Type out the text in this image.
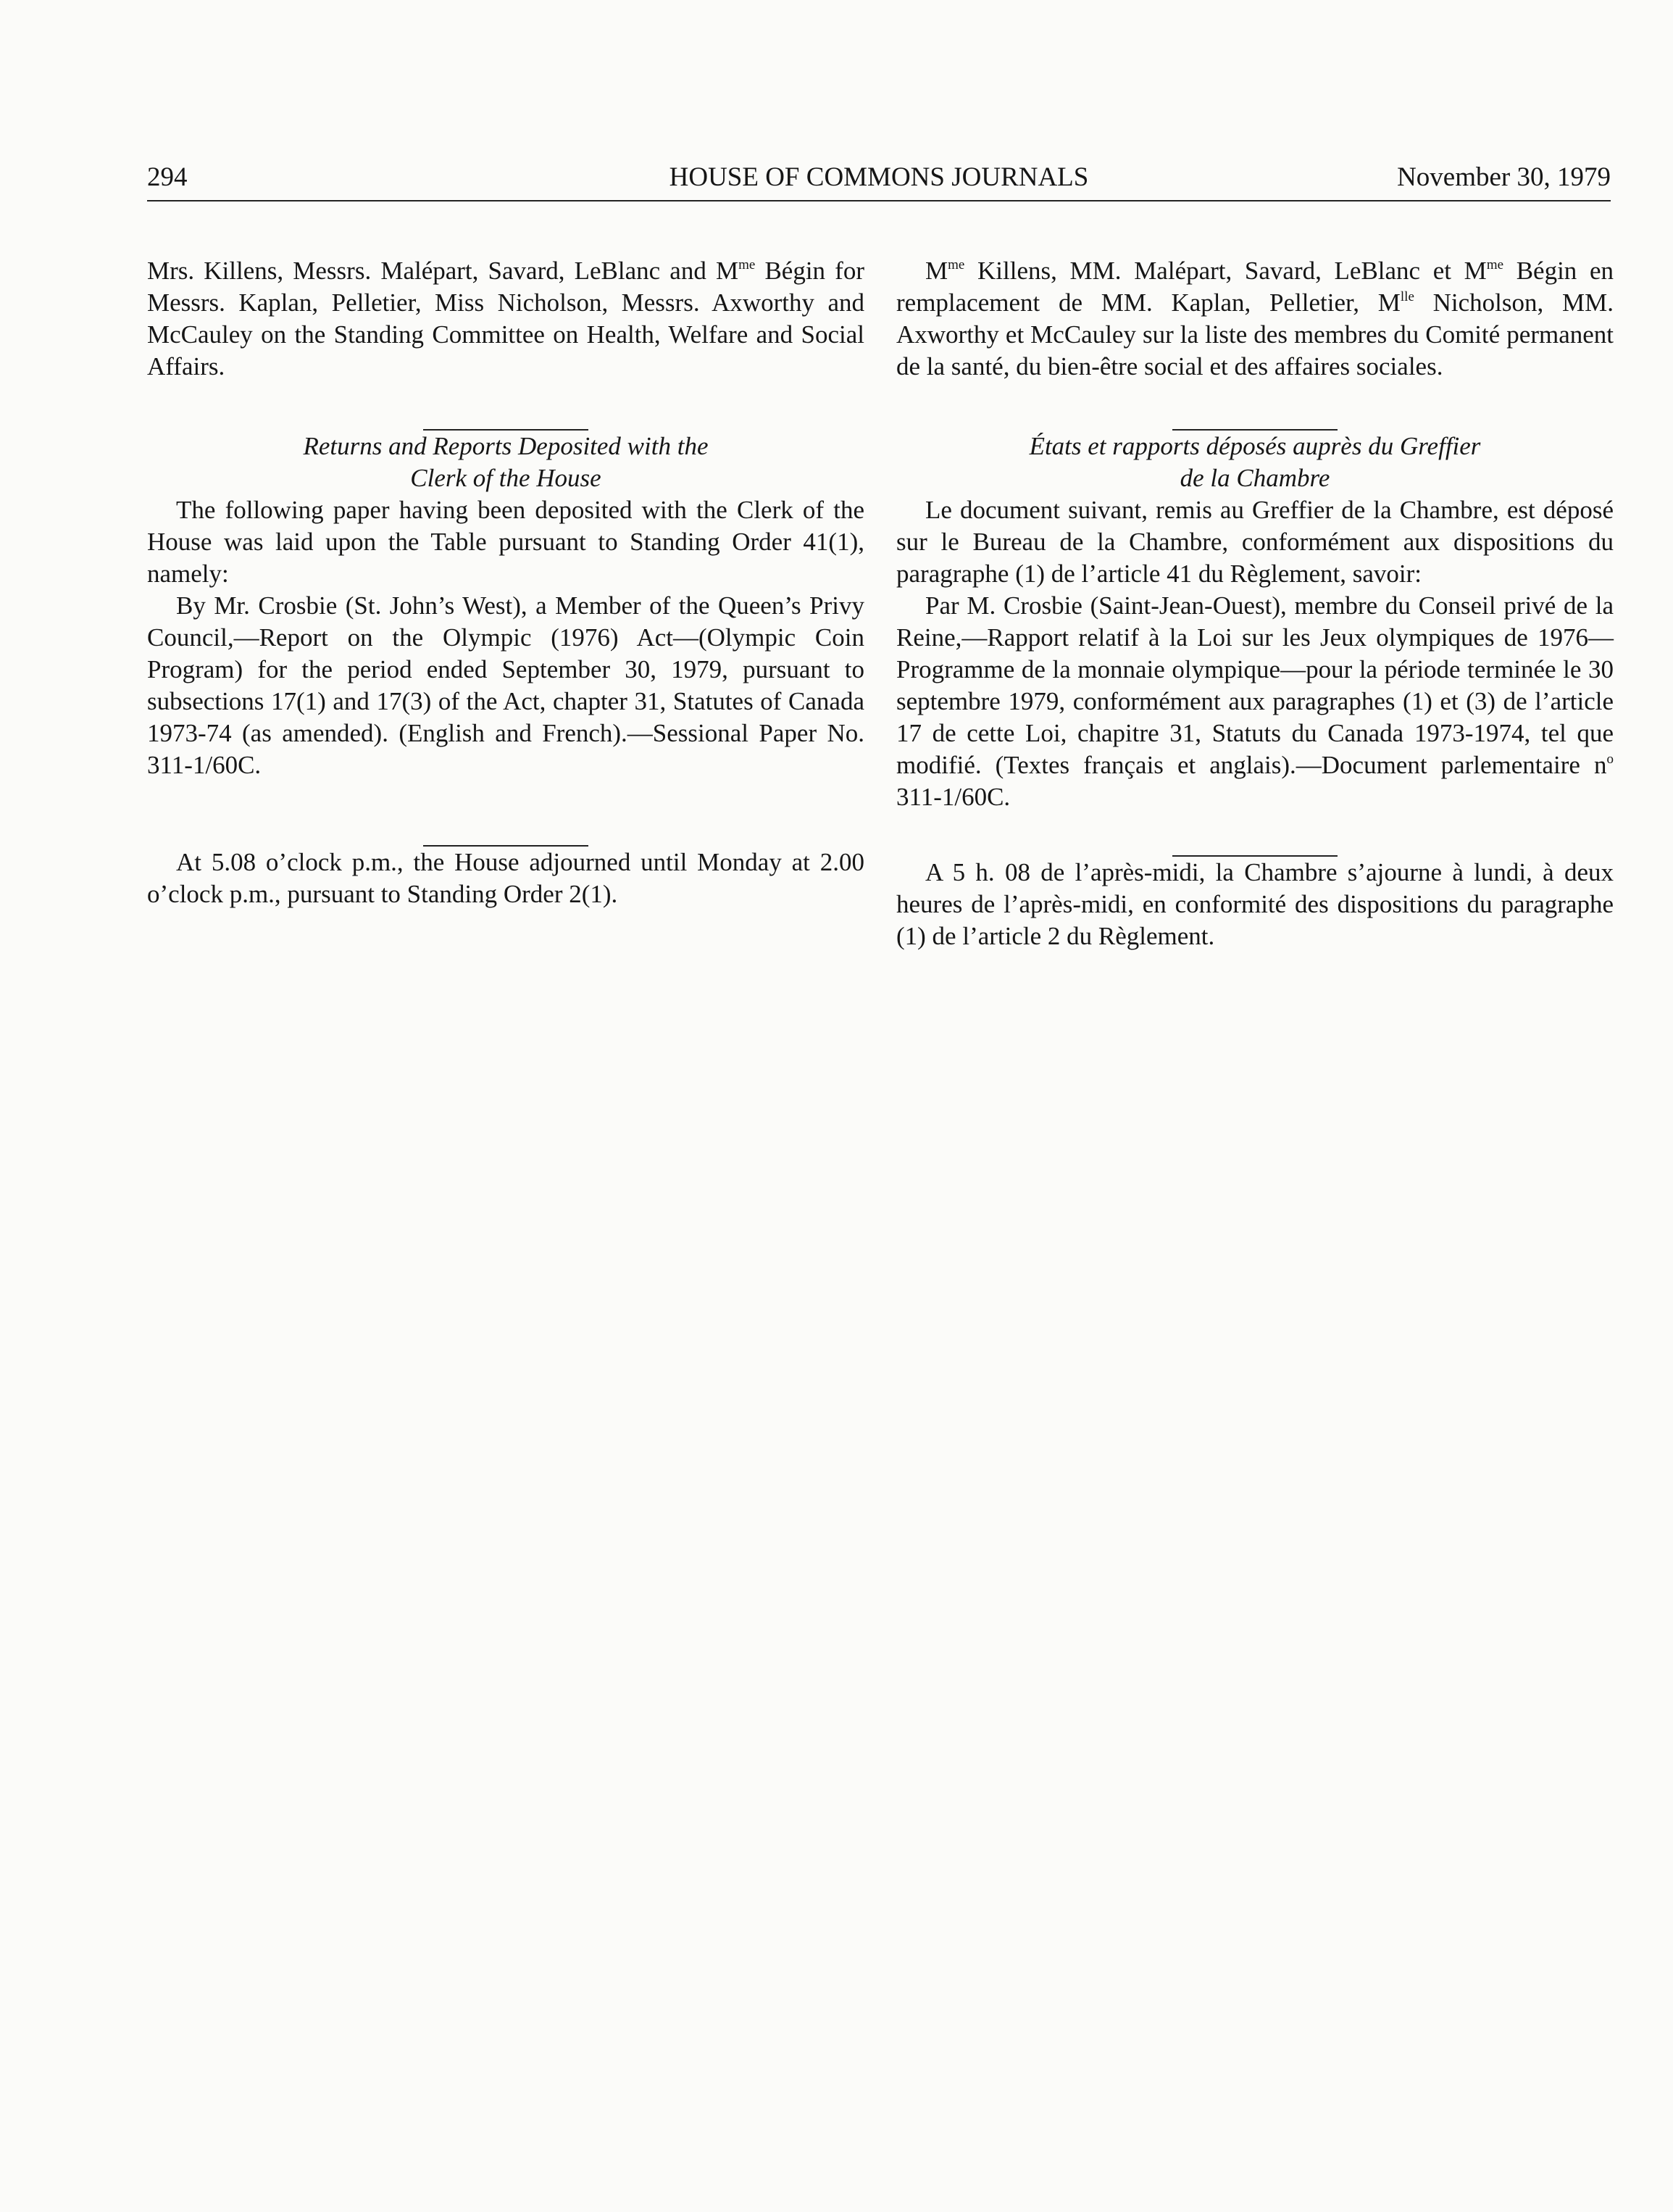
294	HOUSE OF COMMONS JOURNALS	November 30, 1979

Mrs. Killens, Messrs. Malépart, Savard, LeBlanc and $M^{me}$ Bégin for Messrs. Kaplan, Pelletier, Miss Nicholson, Messrs. Axworthy and McCauley on the Standing Committee on Health, Welfare and Social Affairs.

Returns and Reports Deposited with the
Clerk of the House

The following paper having been deposited with the Clerk of the House was laid upon the Table pursuant to Standing Order 41(1), namely:

By Mr. Crosbie (St. John’s West), a Member of the Queen’s Privy Council,—Report on the Olympic (1976) Act—(Olympic Coin Program) for the period ended September 30, 1979, pursuant to subsections 17(1) and 17(3) of the Act, chapter 31, Statutes of Canada 1973-74 (as amended). (English and French).—Sessional Paper No. 311-1/60C.

At 5.08 o’clock p.m., the House adjourned until Monday at 2.00 o’clock p.m., pursuant to Standing Order 2(1).

$M^{me}$ Killens, MM. Malépart, Savard, LeBlanc et $M^{me}$ Bégin en remplacement de MM. Kaplan, Pelletier, $M^{lle}$ Nicholson, MM. Axworthy et McCauley sur la liste des membres du Comité permanent de la santé, du bien-être social et des affaires sociales.

États et rapports déposés auprès du Greffier
de la Chambre

Le document suivant, remis au Greffier de la Chambre, est déposé sur le Bureau de la Chambre, conformément aux dispositions du paragraphe (1) de l’article 41 du Règlement, savoir:

Par M. Crosbie (Saint-Jean-Ouest), membre du Conseil privé de la Reine,—Rapport relatif à la Loi sur les Jeux olympiques de 1976—Programme de la monnaie olympique—pour la période terminée le 30 septembre 1979, conformément aux paragraphes (1) et (3) de l’article 17 de cette Loi, chapitre 31, Statuts du Canada 1973-1974, tel que modifié. (Textes français et anglais).—Document parlementaire $n^o$ 311-1/60C.

A 5 h. 08 de l’après-midi, la Chambre s’ajourne à lundi, à deux heures de l’après-midi, en conformité des dispositions du paragraphe (1) de l’article 2 du Règlement.
